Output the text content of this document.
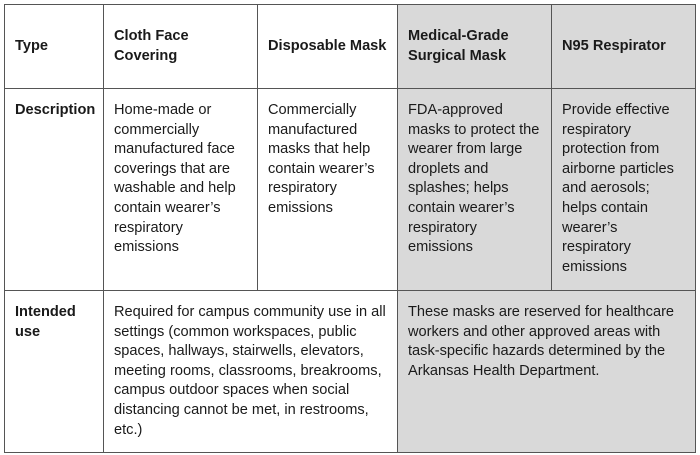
Type	Cloth Face Covering	Disposable Mask	Medical-Grade Surgical Mask	N95 Respirator
Description	Home-made or commercially manufactured face coverings that are washable and help contain wearer’s respiratory emissions	Commercially manufactured masks that help contain wearer’s respiratory emissions	FDA-approved masks to protect the wearer from large droplets and splashes; helps contain wearer’s respiratory emissions	Provide effective respiratory protection from airborne particles and aerosols; helps contain wearer’s respiratory emissions
Intended use	Required for campus community use in all settings (common workspaces, public spaces, hallways, stairwells, elevators, meeting rooms, classrooms, breakrooms, campus outdoor spaces when social distancing cannot be met, in restrooms, etc.)		These masks are reserved for healthcare workers and other approved areas with task-specific hazards determined by the Arkansas Health Department.	
